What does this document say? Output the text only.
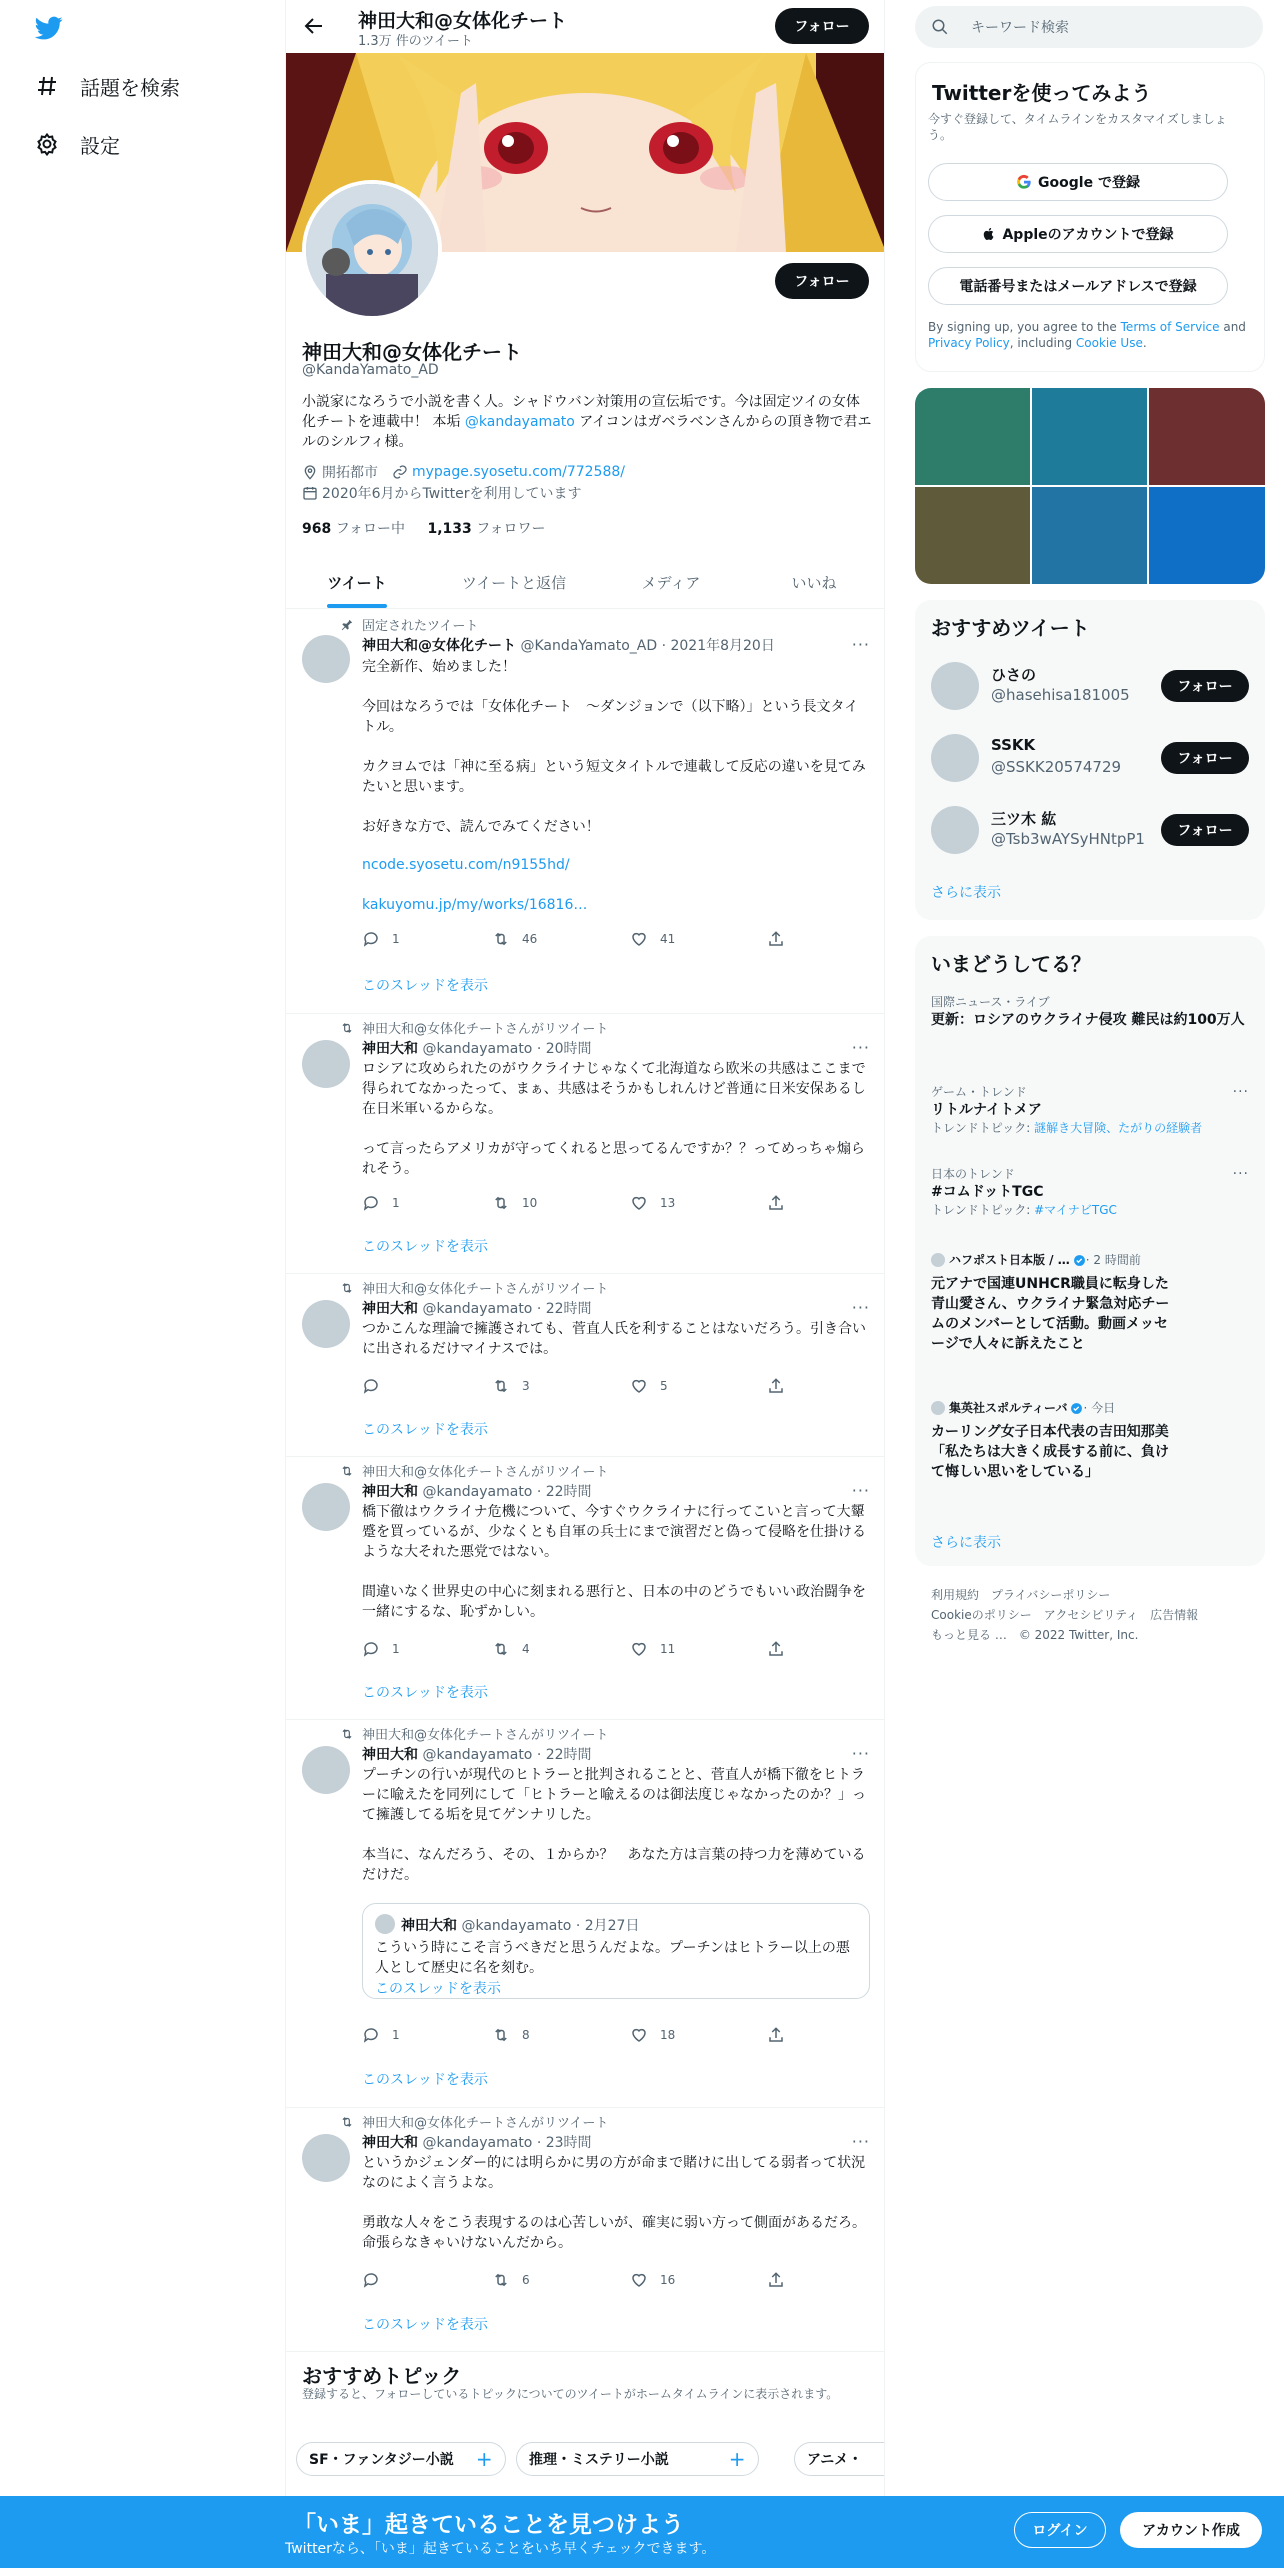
話題を検索
設定
神田大和@女体化チート
1.3万 件のツイート
フォロー
フォロー
神田大和@女体化チート
@KandaYamato_AD
小説家になろうで小説を書く人。シャドウバン対策用の宣伝垢です。今は固定ツイの女体化チートを連載中！ 本垢 @kandayamato アイコンはガベラベンさんからの頂き物で君エルのシルフィ様。
開拓都市 mypage.syosetu.com/772588/
2020年6月からTwitterを利用しています
968 フォロー中 1,133 フォロワー
ツイート	ツイートと返信	メディア	いいね
固定されたツイート
神田大和@女体化チート @KandaYamato_AD · 2021年8月20日	···
完全新作、始めました！

今回はなろうでは「女体化チート　～ダンジョンで（以下略）」という長文タイトル。

カクヨムでは「神に至る病」という短文タイトルで連載して反応の違いを見てみたいと思います。

お好きな方で、読んでみてください！
ncode.syosetu.com/n9155hd/
kakuyomu.jp/my/works/16816…
1	46	41
このスレッドを表示
神田大和@女体化チートさんがリツイート
神田大和 @kandayamato · 20時間	···
ロシアに攻められたのがウクライナじゃなくて北海道なら欧米の共感はここまで得られてなかったって、まぁ、共感はそうかもしれんけど普通に日米安保あるし在日米軍いるからな。

って言ったらアメリカが守ってくれると思ってるんですか？？ってめっちゃ煽られそう。
1	10	13
このスレッドを表示
神田大和@女体化チートさんがリツイート
神田大和 @kandayamato · 22時間	···
つかこんな理論で擁護されても、菅直人氏を利することはないだろう。引き合いに出されるだけマイナスでは。
3	5
このスレッドを表示
神田大和@女体化チートさんがリツイート
神田大和 @kandayamato · 22時間	···
橋下徹はウクライナ危機について、今すぐウクライナに行ってこいと言って大顰蹙を買っているが、少なくとも自軍の兵士にまで演習だと偽って侵略を仕掛けるような大それた悪党ではない。

間違いなく世界史の中心に刻まれる悪行と、日本の中のどうでもいい政治闘争を一緒にするな、恥ずかしい。
1	4	11
このスレッドを表示
神田大和@女体化チートさんがリツイート
神田大和 @kandayamato · 22時間	···
プーチンの行いが現代のヒトラーと批判されることと、菅直人が橋下徹をヒトラーに喩えたを同列にして「ヒトラーと喩えるのは御法度じゃなかったのか？」って擁護してる垢を見てゲンナリした。

本当に、なんだろう、その、１からか？　あなた方は言葉の持つ力を薄めているだけだ。
神田大和 @kandayamato · 2月27日
こういう時にこそ言うべきだと思うんだよな。プーチンはヒトラー以上の悪人として歴史に名を刻む。
このスレッドを表示
1	8	18
このスレッドを表示
神田大和@女体化チートさんがリツイート
神田大和 @kandayamato · 23時間	···
というかジェンダー的には明らかに男の方が命まで賭けに出してる弱者って状況なのによく言うよな。

勇敢な人々をこう表現するのは心苦しいが、確実に弱い方って側面があるだろ。命張らなきゃいけないんだから。
6	16
このスレッドを表示
おすすめトピック
登録すると、フォローしているトピックについてのツイートがホームタイムラインに表示されます。
SF・ファンタジー小説 +	推理・ミステリー小説	+	アニメ・
キーワード検索
Twitterを使ってみよう
今すぐ登録して、タイムラインをカスタマイズしましょう。
Google で登録
Appleのアカウントで登録
電話番号またはメールアドレスで登録
By signing up, you agree to the Terms of Service and Privacy Policy, including Cookie Use.
おすすめツイート
ひさの
@hasehisa181005	フォロー
SSKK
@SSKK20574729	フォロー
三ツ木 紘
@Tsb3wAYSyHNtpP1	フォロー
さらに表示
いまどうしてる？
国際ニュース・ライブ
更新：ロシアのウクライナ侵攻 難民は約100万人
ゲーム・トレンド
リトルナイトメア
トレンドトピック: 謎解き大冒険、たがりの経験者
···
日本のトレンド
#コムドットTGC
トレンドトピック: #マイナビTGC
···
ハフポスト日本版 / … · 2 時間前
元アナで国連UNHCR職員に転身した青山愛さん、ウクライナ緊急対応チームのメンバーとして活動。動画メッセージで人々に訴えたこと
集英社スポルティーバ · 今日
カーリング女子日本代表の吉田知那美「私たちは大きく成長する前に、負けて悔しい思いをしている」
さらに表示
利用規約　プライバシーポリシー
Cookieのポリシー　アクセシビリティ　広告情報
もっと見る …　© 2022 Twitter, Inc.
「いま」起きていることを見つけよう
Twitterなら、「いま」起きていることをいち早くチェックできます。
ログイン	アカウント作成
